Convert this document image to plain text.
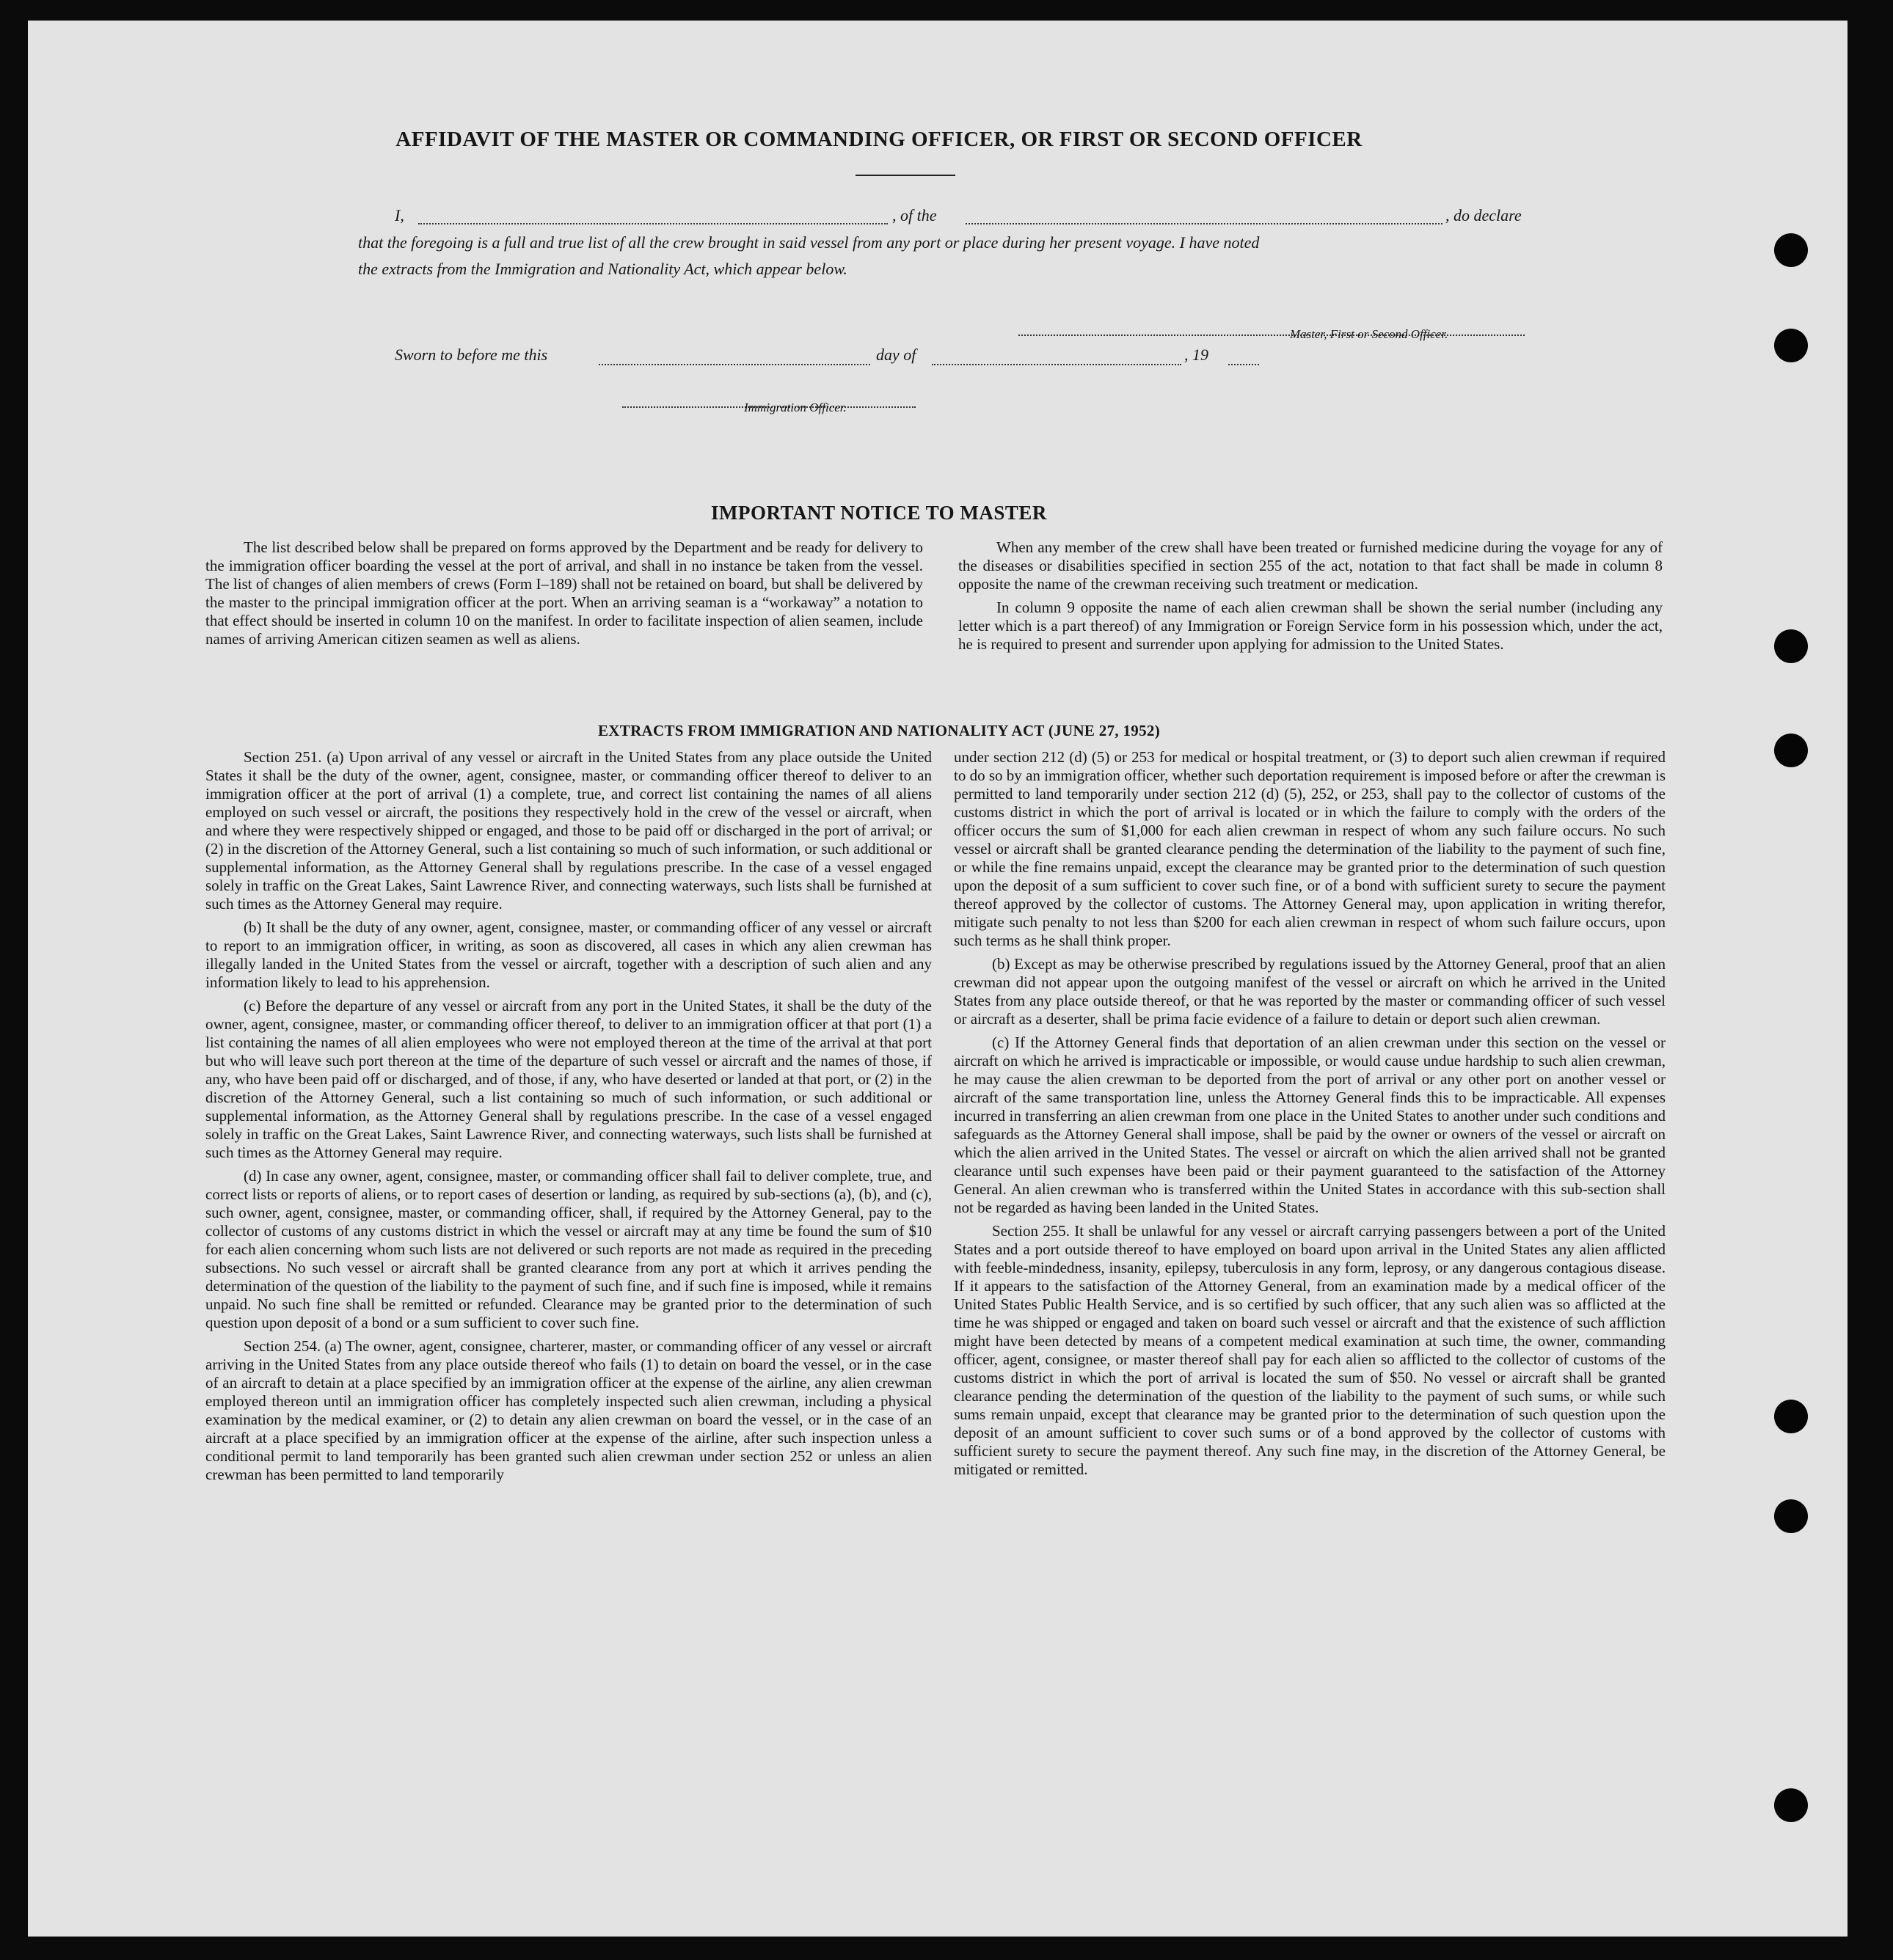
AFFIDAVIT OF THE MASTER OR COMMANDING OFFICER, OR FIRST OR SECOND OFFICER
I,	, of the	, do declare
that the foregoing is a full and true list of all the crew brought in said vessel from any port or place during her present voyage. I have noted
the extracts from the Immigration and Nationality Act, which appear below.
Master, First or Second Officer.
Sworn to before me this	day of	, 19
Immigration Officer.
IMPORTANT NOTICE TO MASTER

The list described below shall be prepared on forms approved by the Department and be ready for delivery to the immigration officer boarding the vessel at the port of arrival, and shall in no instance be taken from the vessel. The list of changes of alien members of crews (Form I–189) shall not be retained on board, but shall be delivered by the master to the principal immigration officer at the port. When an arriving seaman is a “workaway” a notation to that effect should be inserted in column 10 on the manifest. In order to facilitate inspection of alien seamen, include names of arriving American citizen seamen as well as aliens.

When any member of the crew shall have been treated or furnished medicine during the voyage for any of the diseases or disabilities specified in section 255 of the act, notation to that fact shall be made in column 8 opposite the name of the crewman receiving such treatment or medication.

In column 9 opposite the name of each alien crewman shall be shown the serial number (including any letter which is a part thereof) of any Immigration or Foreign Service form in his possession which, under the act, he is required to present and surrender upon applying for admission to the United States.

EXTRACTS FROM IMMIGRATION AND NATIONALITY ACT (JUNE 27, 1952)

Section 251. (a) Upon arrival of any vessel or aircraft in the United States from any place outside the United States it shall be the duty of the owner, agent, consignee, master, or commanding officer thereof to deliver to an immigration officer at the port of arrival (1) a complete, true, and correct list containing the names of all aliens employed on such vessel or aircraft, the positions they respectively hold in the crew of the vessel or aircraft, when and where they were respectively shipped or engaged, and those to be paid off or discharged in the port of arrival; or (2) in the discretion of the Attorney General, such a list containing so much of such information, or such additional or supplemental information, as the Attorney General shall by regulations prescribe. In the case of a vessel engaged solely in traffic on the Great Lakes, Saint Lawrence River, and connecting waterways, such lists shall be furnished at such times as the Attorney General may require.

(b) It shall be the duty of any owner, agent, consignee, master, or commanding officer of any vessel or aircraft to report to an immigration officer, in writing, as soon as discovered, all cases in which any alien crewman has illegally landed in the United States from the vessel or aircraft, together with a description of such alien and any information likely to lead to his apprehension.

(c) Before the departure of any vessel or aircraft from any port in the United States, it shall be the duty of the owner, agent, consignee, master, or commanding officer thereof, to deliver to an immigration officer at that port (1) a list containing the names of all alien employees who were not employed thereon at the time of the arrival at that port but who will leave such port thereon at the time of the departure of such vessel or aircraft and the names of those, if any, who have been paid off or discharged, and of those, if any, who have deserted or landed at that port, or (2) in the discretion of the Attorney General, such a list containing so much of such information, or such additional or supplemental information, as the Attorney General shall by regulations prescribe. In the case of a vessel engaged solely in traffic on the Great Lakes, Saint Lawrence River, and connecting waterways, such lists shall be furnished at such times as the Attorney General may require.

(d) In case any owner, agent, consignee, master, or commanding officer shall fail to deliver complete, true, and correct lists or reports of aliens, or to report cases of desertion or landing, as required by sub-sections (a), (b), and (c), such owner, agent, consignee, master, or commanding officer, shall, if required by the Attorney General, pay to the collector of customs of any customs district in which the vessel or aircraft may at any time be found the sum of $10 for each alien concerning whom such lists are not delivered or such reports are not made as required in the preceding subsections. No such vessel or aircraft shall be granted clearance from any port at which it arrives pending the determination of the question of the liability to the payment of such fine, and if such fine is imposed, while it remains unpaid. No such fine shall be remitted or refunded. Clearance may be granted prior to the determination of such question upon deposit of a bond or a sum sufficient to cover such fine.

Section 254. (a) The owner, agent, consignee, charterer, master, or commanding officer of any vessel or aircraft arriving in the United States from any place outside thereof who fails (1) to detain on board the vessel, or in the case of an aircraft to detain at a place specified by an immigration officer at the expense of the airline, any alien crewman employed thereon until an immigration officer has completely inspected such alien crewman, including a physical examination by the medical examiner, or (2) to detain any alien crewman on board the vessel, or in the case of an aircraft at a place specified by an immigration officer at the expense of the airline, after such inspection unless a conditional permit to land temporarily has been granted such alien crewman under section 252 or unless an alien crewman has been permitted to land temporarily

under section 212 (d) (5) or 253 for medical or hospital treatment, or (3) to deport such alien crewman if required to do so by an immigration officer, whether such deportation requirement is imposed before or after the crewman is permitted to land temporarily under section 212 (d) (5), 252, or 253, shall pay to the collector of customs of the customs district in which the port of arrival is located or in which the failure to comply with the orders of the officer occurs the sum of $1,000 for each alien crewman in respect of whom any such failure occurs. No such vessel or aircraft shall be granted clearance pending the determination of the liability to the payment of such fine, or while the fine remains unpaid, except the clearance may be granted prior to the determination of such question upon the deposit of a sum sufficient to cover such fine, or of a bond with sufficient surety to secure the payment thereof approved by the collector of customs. The Attorney General may, upon application in writing therefor, mitigate such penalty to not less than $200 for each alien crewman in respect of whom such failure occurs, upon such terms as he shall think proper.

(b) Except as may be otherwise prescribed by regulations issued by the Attorney General, proof that an alien crewman did not appear upon the outgoing manifest of the vessel or aircraft on which he arrived in the United States from any place outside thereof, or that he was reported by the master or commanding officer of such vessel or aircraft as a deserter, shall be prima facie evidence of a failure to detain or deport such alien crewman.

(c) If the Attorney General finds that deportation of an alien crewman under this section on the vessel or aircraft on which he arrived is impracticable or impossible, or would cause undue hardship to such alien crewman, he may cause the alien crewman to be deported from the port of arrival or any other port on another vessel or aircraft of the same transportation line, unless the Attorney General finds this to be impracticable. All expenses incurred in transferring an alien crewman from one place in the United States to another under such conditions and safeguards as the Attorney General shall impose, shall be paid by the owner or owners of the vessel or aircraft on which the alien arrived in the United States. The vessel or aircraft on which the alien arrived shall not be granted clearance until such expenses have been paid or their payment guaranteed to the satisfaction of the Attorney General. An alien crewman who is transferred within the United States in accordance with this sub-section shall not be regarded as having been landed in the United States.

Section 255. It shall be unlawful for any vessel or aircraft carrying passengers between a port of the United States and a port outside thereof to have employed on board upon arrival in the United States any alien afflicted with feeble-mindedness, insanity, epilepsy, tuberculosis in any form, leprosy, or any dangerous contagious disease. If it appears to the satisfaction of the Attorney General, from an examination made by a medical officer of the United States Public Health Service, and is so certified by such officer, that any such alien was so afflicted at the time he was shipped or engaged and taken on board such vessel or aircraft and that the existence of such affliction might have been detected by means of a competent medical examination at such time, the owner, commanding officer, agent, consignee, or master thereof shall pay for each alien so afflicted to the collector of customs of the customs district in which the port of arrival is located the sum of $50. No vessel or aircraft shall be granted clearance pending the determination of the question of the liability to the payment of such sums, or while such sums remain unpaid, except that clearance may be granted prior to the determination of such question upon the deposit of an amount sufficient to cover such sums or of a bond approved by the collector of customs with sufficient surety to secure the payment thereof. Any such fine may, in the discretion of the Attorney General, be mitigated or remitted.
